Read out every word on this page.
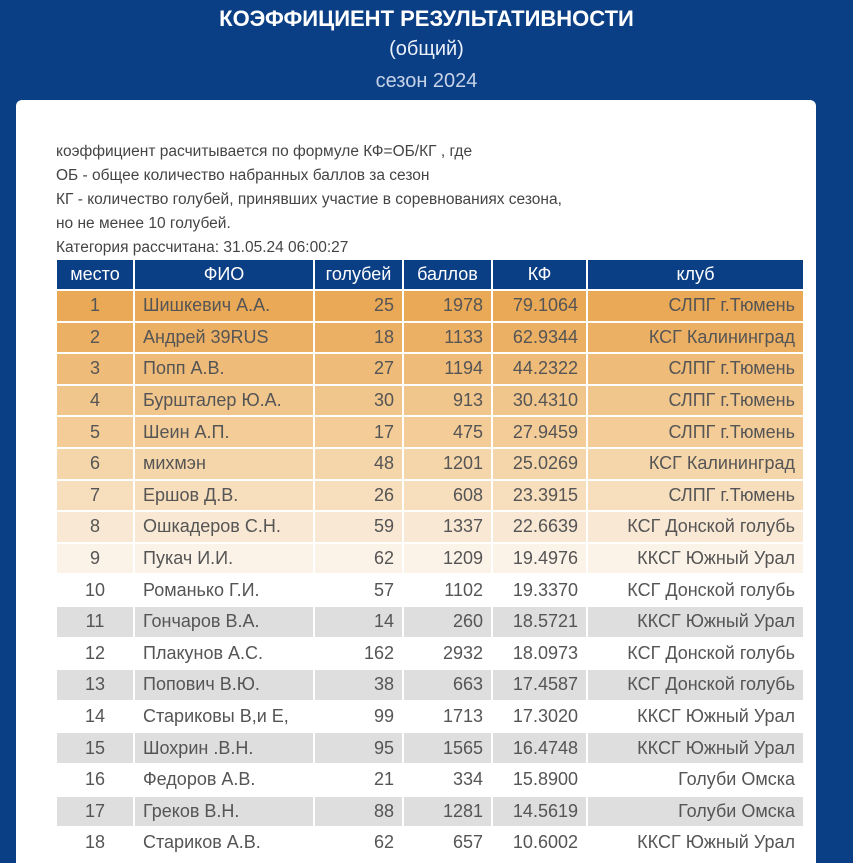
КОЭФФИЦИЕНТ РЕЗУЛЬТАТИВНОСТИ
(общий)
сезон 2024
коэффициент расчитывается по формуле КФ=ОБ/КГ , где
ОБ - общее количество набранных баллов за сезон
КГ - количество голубей, принявших участие в соревнованиях сезона,
но не менее 10 голубей.
Категория рассчитана: 31.05.24 06:00:27
место	ФИО	голубей	баллов	КФ	клуб
1	Шишкевич А.А.	25	1978	79.1064	СЛПГ г.Тюмень
2	Андрей 39RUS	18	1133	62.9344	КСГ Калининград
3	Попп А.В.	27	1194	44.2322	СЛПГ г.Тюмень
4	Бурштaлер Ю.А.	30	913	30.4310	СЛПГ г.Тюмень
5	Шеин А.П.	17	475	27.9459	СЛПГ г.Тюмень
6	михмэн	48	1201	25.0269	КСГ Калининград
7	Ершов Д.В.	26	608	23.3915	СЛПГ г.Тюмень
8	Ошкадеров С.Н.	59	1337	22.6639	КСГ Донской голубь
9	Пукач И.И.	62	1209	19.4976	ККСГ Южный Урал
10	Романько Г.И.	57	1102	19.3370	КСГ Донской голубь
11	Гончаров В.А.	14	260	18.5721	ККСГ Южный Урал
12	Плакунов А.С.	162	2932	18.0973	КСГ Донской голубь
13	Попович В.Ю.	38	663	17.4587	КСГ Донской голубь
14	Стариковы В,и Е,	99	1713	17.3020	ККСГ Южный Урал
15	Шохрин .В.Н.	95	1565	16.4748	ККСГ Южный Урал
16	Федоров А.В.	21	334	15.8900	Голуби Омска
17	Греков В.Н.	88	1281	14.5619	Голуби Омска
18	Стариков А.В.	62	657	10.6002	ККСГ Южный Урал
